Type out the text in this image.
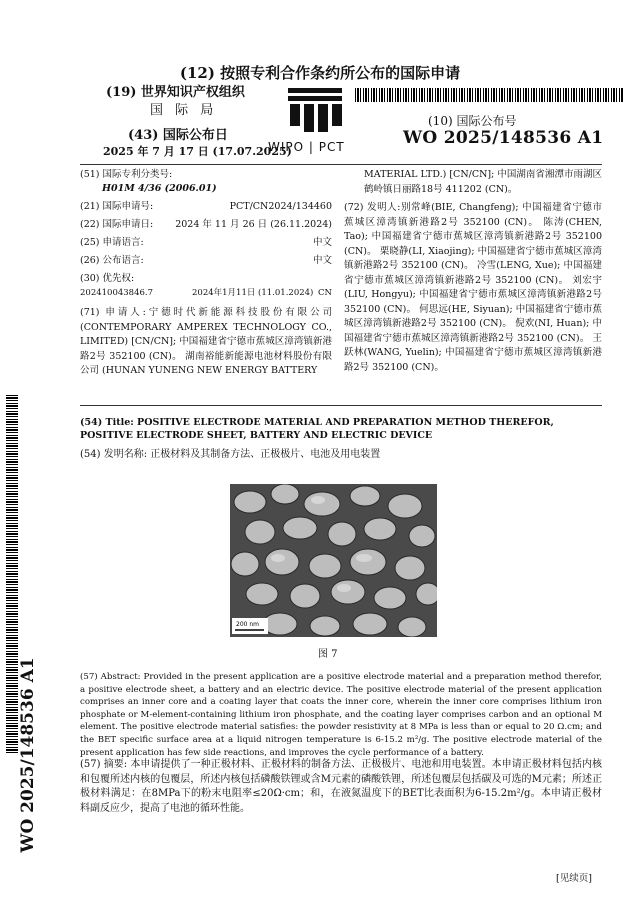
(12) 按照专利合作条约所公布的国际申请
(19) 世界知识产权组织
国 际 局
(43) 国际公布日
2025 年 7 月 17 日 (17.07.2025)
WIPO | PCT
(10) 国际公布号
WO 2025/148536 A1
(51) 国际专利分类号:
H01M 4/36 (2006.01)
(21) 国际申请号:	PCT/CN2024/134460
(22) 国际申请日: 2024 年 11 月 26 日 (26.11.2024)
(25) 申请语言:	中文
(26) 公布语言:	中文
(30) 优先权:
202410043846.7	2024年1月11日 (11.01.2024) CN
(71) 申请人:宁德时代新能源科技股份有限公司 (CONTEMPORARY AMPEREX TECHNOLOGY CO., LIMITED) [CN/CN]; 中国福建省宁德市蕉城区漳湾镇新港路2号 352100 (CN)。 湖南裕能新能源电池材料股份有限公司 (HUNAN YUNENG NEW ENERGY BATTERY
MATERIAL LTD.) [CN/CN]; 中国湖南省湘潭市雨湖区鹤岭镇日丽路18号 411202 (CN)。
(72) 发明人:别常峰(BIE, Changfeng); 中国福建省宁德市蕉城区漳湾镇新港路2号 352100 (CN)。 陈涛(CHEN, Tao); 中国福建省宁德市蕉城区漳湾镇新港路2号 352100 (CN)。 栗晓静(LI, Xiaojing); 中国福建省宁德市蕉城区漳湾镇新港路2号 352100 (CN)。 冷雪(LENG, Xue); 中国福建省宁德市蕉城区漳湾镇新港路2号 352100 (CN)。 刘宏宇(LIU, Hongyu); 中国福建省宁德市蕉城区漳湾镇新港路2号 352100 (CN)。 何思远(HE, Siyuan); 中国福建省宁德市蕉城区漳湾镇新港路2号 352100 (CN)。 倪欢(NI, Huan); 中国福建省宁德市蕉城区漳湾镇新港路2号 352100 (CN)。 王跃林(WANG, Yuelin); 中国福建省宁德市蕉城区漳湾镇新港路2号 352100 (CN)。
(54) Title: POSITIVE ELECTRODE MATERIAL AND PREPARATION METHOD THEREFOR, POSITIVE ELECTRODE SHEET, BATTERY AND ELECTRIC DEVICE
(54) 发明名称: 正极材料及其制备方法、正极极片、电池及用电装置
200 nm
图 7
(57) Abstract: Provided in the present application are a positive electrode material and a preparation method therefor, a positive electrode sheet, a battery and an electric device. The positive electrode material of the present application comprises an inner core and a coating layer that coats the inner core, wherein the inner core comprises lithium iron phosphate or M-element-containing lithium iron phosphate, and the coating layer comprises carbon and an optional M element. The positive electrode material satisfies: the powder resistivity at 8 MPa is less than or equal to 20 Ω.cm; and the BET specific surface area at a liquid nitrogen temperature is 6-15.2 m²/g. The positive electrode material of the present application has few side reactions, and improves the cycle performance of a battery.
(57) 摘要: 本申请提供了一种正极材料、正极材料的制备方法、正极极片、电池和用电装置。本申请正极材料包括内核和包覆所述内核的包覆层，所述内核包括磷酸铁锂或含M元素的磷酸铁锂，所述包覆层包括碳及可选的M元素；所述正极材料满足：在8MPa下的粉末电阻率≤20Ω·cm；和，在液氮温度下的BET比表面积为6-15.2m²/g。本申请正极材料副反应少，提高了电池的循环性能。
WO 2025/148536 A1
[见续页]
